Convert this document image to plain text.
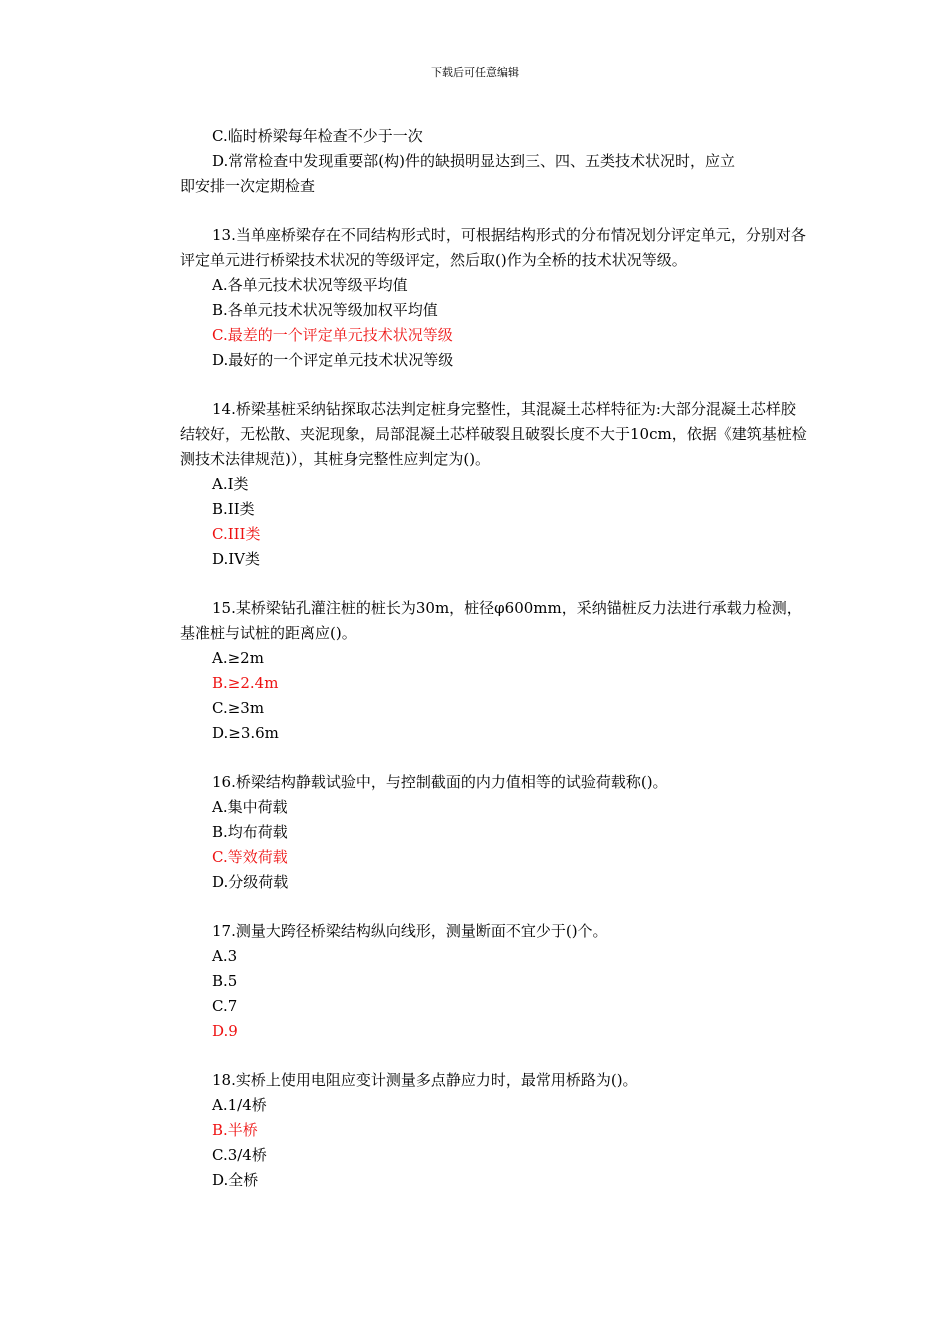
下载后可任意编辑
C.临时桥梁每年检查不少于一次
D.常常检查中发现重要部(构)件的缺损明显达到三、四、五类技术状况时，应立
即安排一次定期检查
13.当单座桥梁存在不同结构形式时，可根据结构形式的分布情况划分评定单元，分别对各评定单元进行桥梁技术状况的等级评定，然后取()作为全桥的技术状况等级。
A.各单元技术状况等级平均值
B.各单元技术状况等级加权平均值
C.最差的一个评定单元技术状况等级
D.最好的一个评定单元技术状况等级
14.桥梁基桩采纳钻探取芯法判定桩身完整性，其混凝土芯样特征为:大部分混凝土芯样胶结较好，无松散、夹泥现象，局部混凝土芯样破裂且破裂长度不大于10cm，依据《建筑基桩检测技术法律规范)），其桩身完整性应判定为()。
A.I类
B.II类
C.III类
D.IV类
15.某桥梁钻孔灌注桩的桩长为30m，桩径φ600mm，采纳锚桩反力法进行承载力检测，基准桩与试桩的距离应()。
A.≥2m
B.≥2.4m
C.≥3m
D.≥3.6m
16.桥梁结构静载试验中，与控制截面的内力值相等的试验荷载称()。
A.集中荷载
B.均布荷载
C.等效荷载
D.分级荷载
17.测量大跨径桥梁结构纵向线形，测量断面不宜少于()个。
A.3
B.5
C.7
D.9
18.实桥上使用电阻应变计测量多点静应力时，最常用桥路为()。
A.1/4桥
B.半桥
C.3/4桥
D.全桥
